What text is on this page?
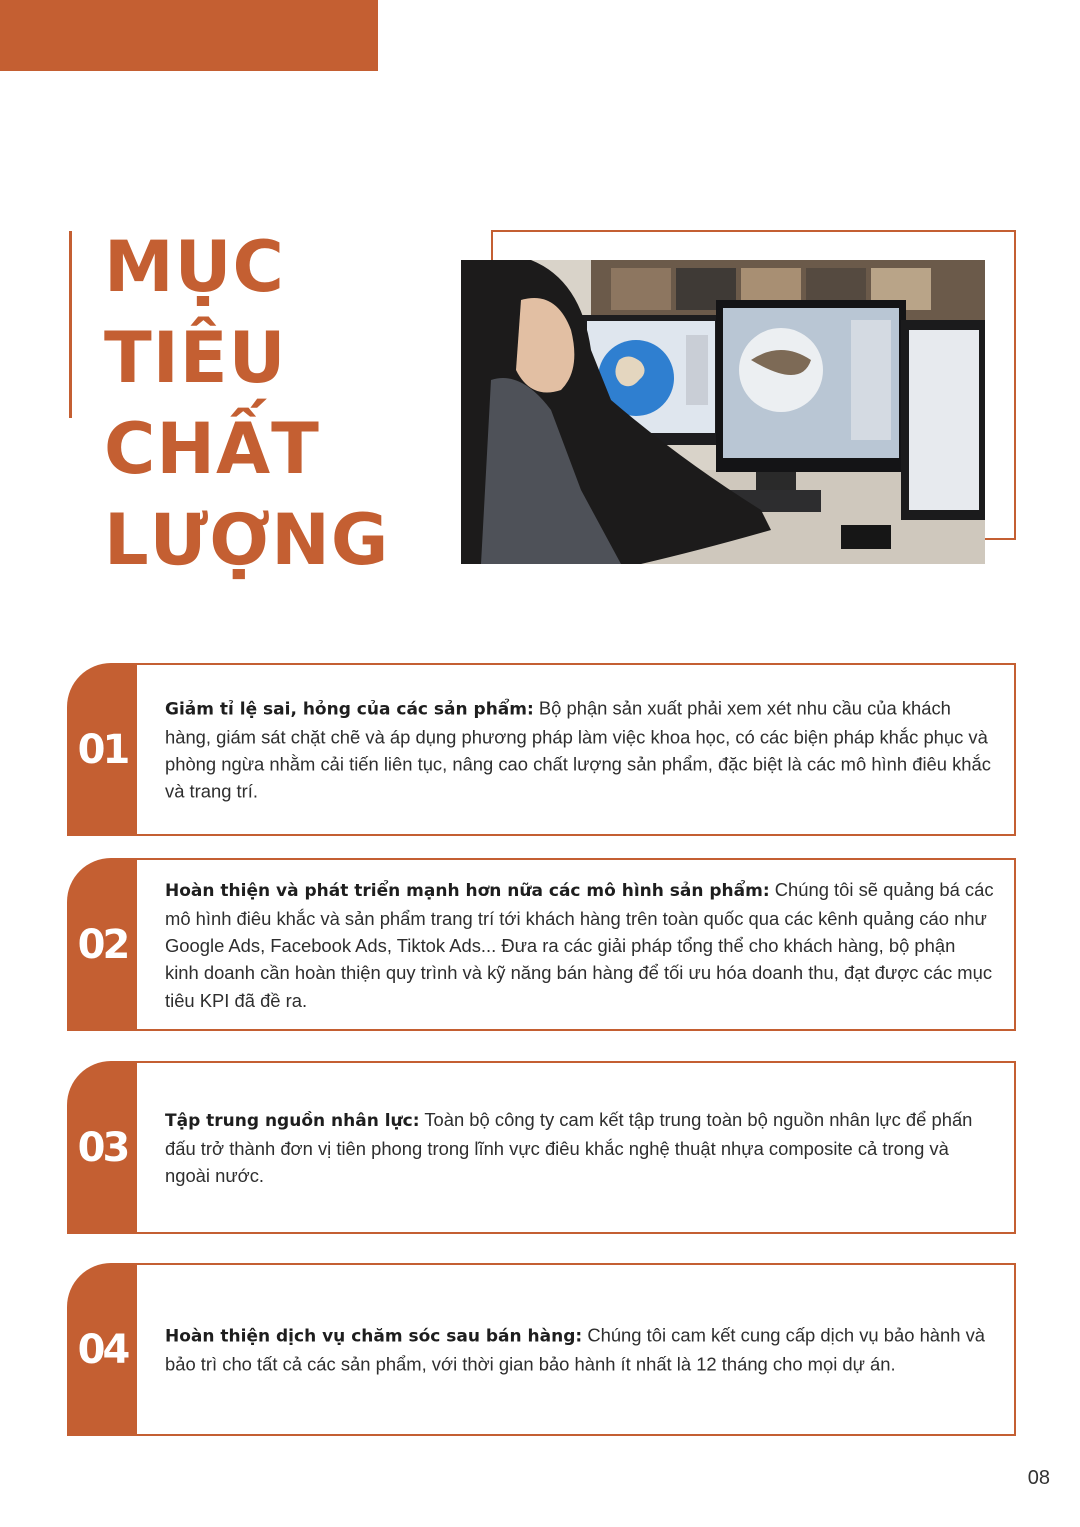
MỤC
TIÊU
CHẤT
LƯỢNG
01

Giảm tỉ lệ sai, hỏng của các sản phẩm: Bộ phận sản xuất phải xem xét nhu cầu của khách hàng, giám sát chặt chẽ và áp dụng phương pháp làm việc khoa học, có các biện pháp khắc phục và phòng ngừa nhằm cải tiến liên tục, nâng cao chất lượng sản phẩm, đặc biệt là các mô hình điêu khắc và trang trí.

02

Hoàn thiện và phát triển mạnh hơn nữa các mô hình sản phẩm: Chúng tôi sẽ quảng bá các mô hình điêu khắc và sản phẩm trang trí tới khách hàng trên toàn quốc qua các kênh quảng cáo như Google Ads, Facebook Ads, Tiktok Ads... Đưa ra các giải pháp tổng thể cho khách hàng, bộ phận kinh doanh cần hoàn thiện quy trình và kỹ năng bán hàng để tối ưu hóa doanh thu, đạt được các mục tiêu KPI đã đề ra.

03

Tập trung nguồn nhân lực: Toàn bộ công ty cam kết tập trung toàn bộ nguồn nhân lực để phấn đấu trở thành đơn vị tiên phong trong lĩnh vực điêu khắc nghệ thuật nhựa composite cả trong và ngoài nước.

04	Hoàn thiện dịch vụ chăm sóc sau bán hàng: Chúng tôi cam kết cung cấp dịch vụ bảo hành và bảo trì cho tất cả các sản phẩm, với thời gian bảo hành ít nhất là 12 tháng cho mọi dự án.

08
